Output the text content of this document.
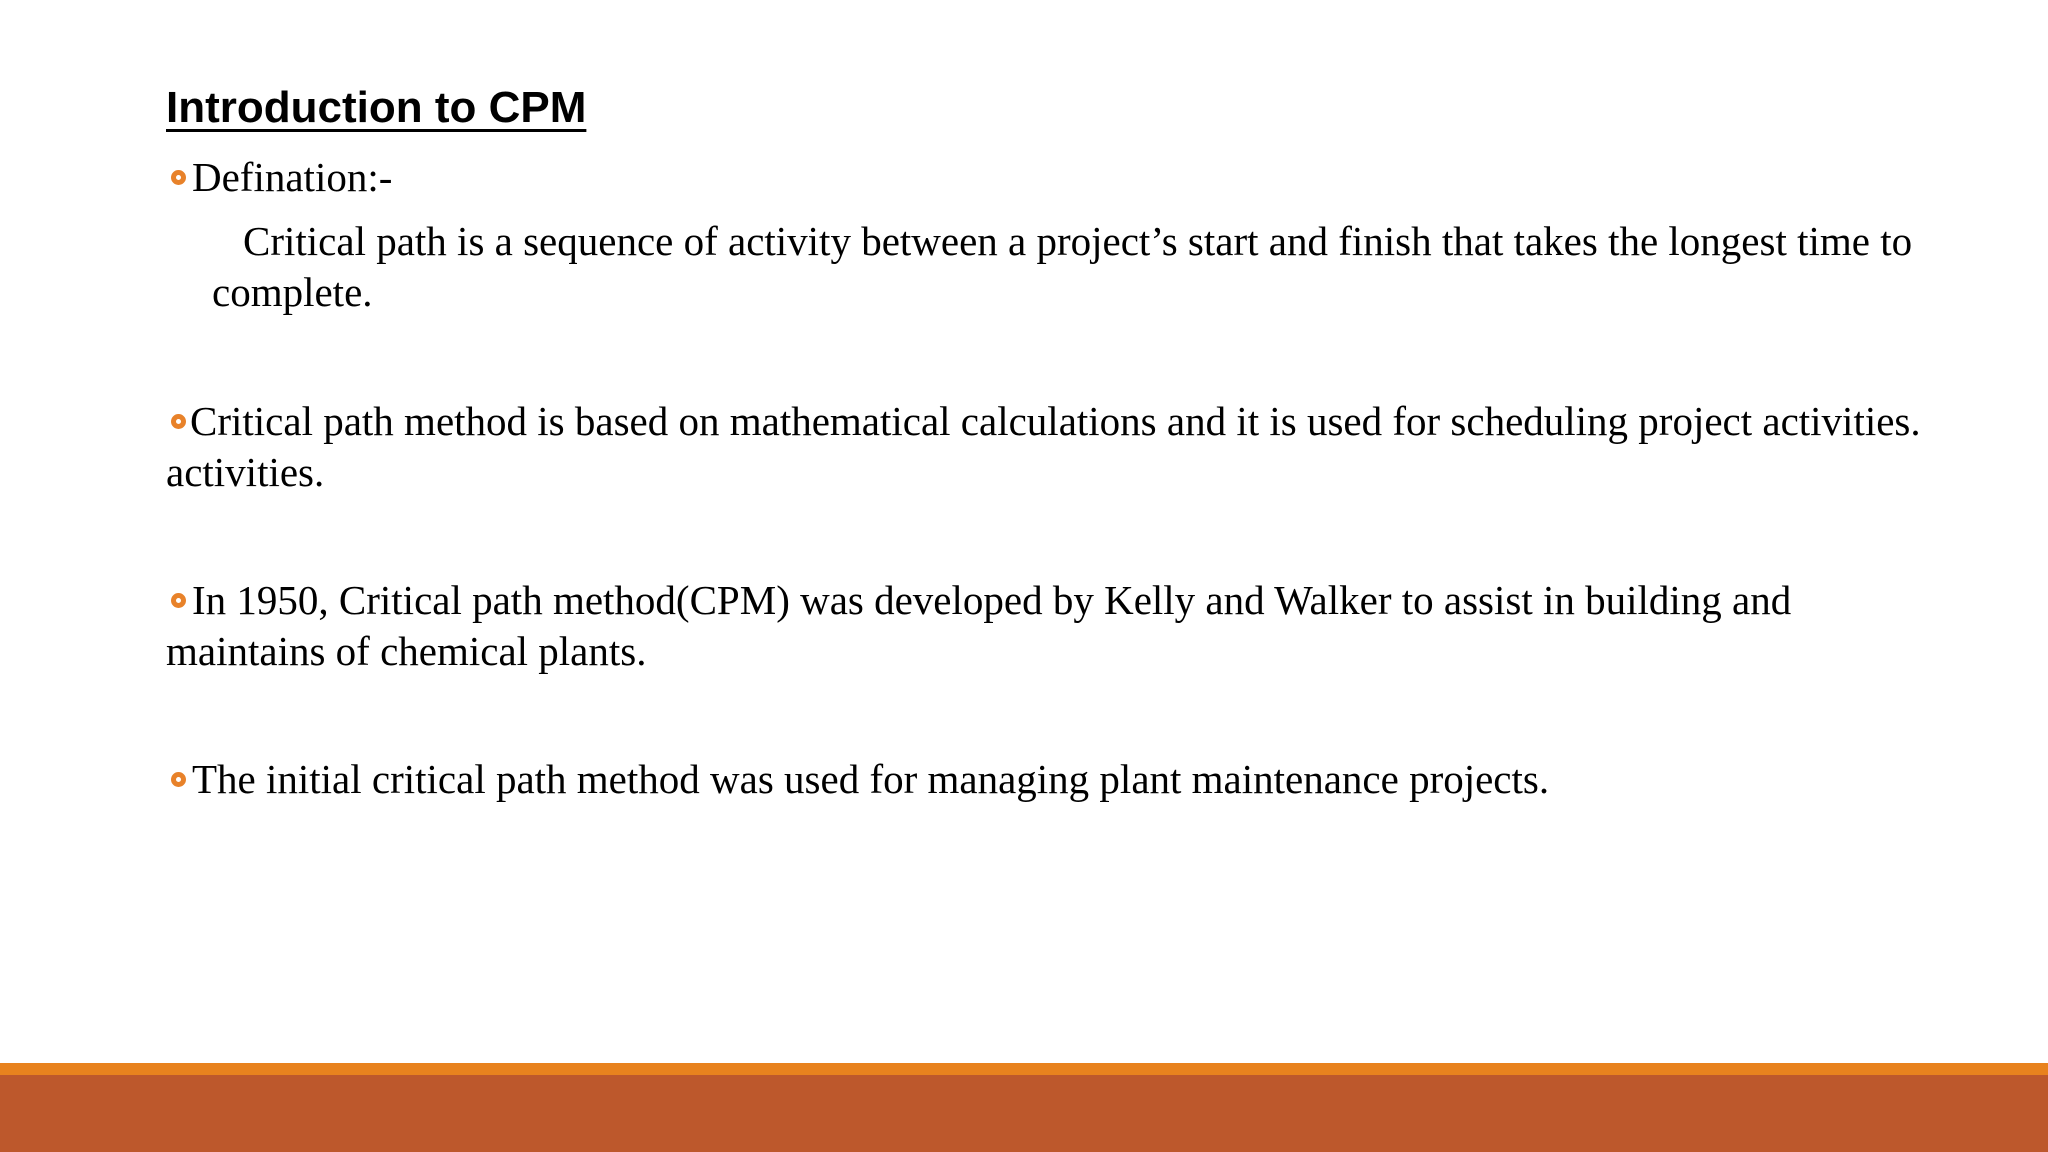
Introduction to CPM

Defination:-

Critical path is a sequence of activity between a project’s start and finish that takes the longest time to

complete.

Critical path method is based on mathematical calculations and it is used for scheduling project activities.

activities.

In 1950, Critical path method(CPM) was developed by Kelly and Walker to assist in building and

maintains of chemical plants.

The initial critical path method was used for managing plant maintenance projects.
